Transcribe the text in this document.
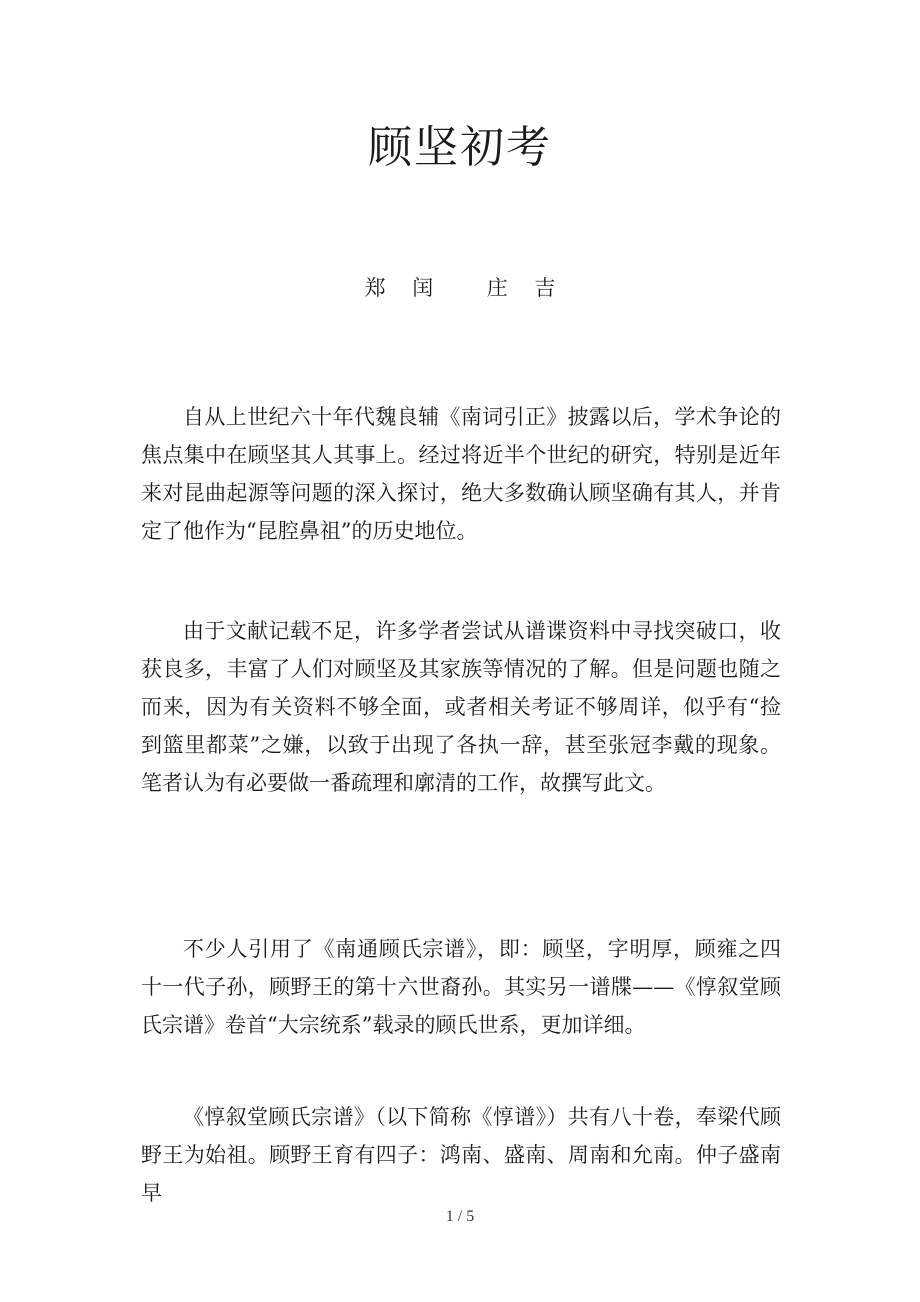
顾坚初考
郑    闰        庄    吉

自从上世纪六十年代魏良辅《南词引正》披露以后，学术争论的焦点集中在顾坚其人其事上。经过将近半个世纪的研究，特别是近年来对昆曲起源等问题的深入探讨，绝大多数确认顾坚确有其人，并肯定了他作为“昆腔鼻祖”的历史地位。

由于文献记载不足，许多学者尝试从谱谍资料中寻找突破口，收获良多，丰富了人们对顾坚及其家族等情况的了解。但是问题也随之而来，因为有关资料不够全面，或者相关考证不够周详，似乎有“捡到篮里都菜”之嫌，以致于出现了各执一辞，甚至张冠李戴的现象。笔者认为有必要做一番疏理和廓清的工作，故撰写此文。

不少人引用了《南通顾氏宗谱》，即：顾坚，字明厚，顾雍之四十一代子孙，顾野王的第十六世裔孙。其实另一谱牒——《惇叙堂顾氏宗谱》卷首“大宗统系”载录的顾氏世系，更加详细。

《惇叙堂顾氏宗谱》（以下简称《惇谱》）共有八十卷，奉梁代顾野王为始祖。顾野王育有四子：鸿南、盛南、周南和允南。仲子盛南早

1 / 5
